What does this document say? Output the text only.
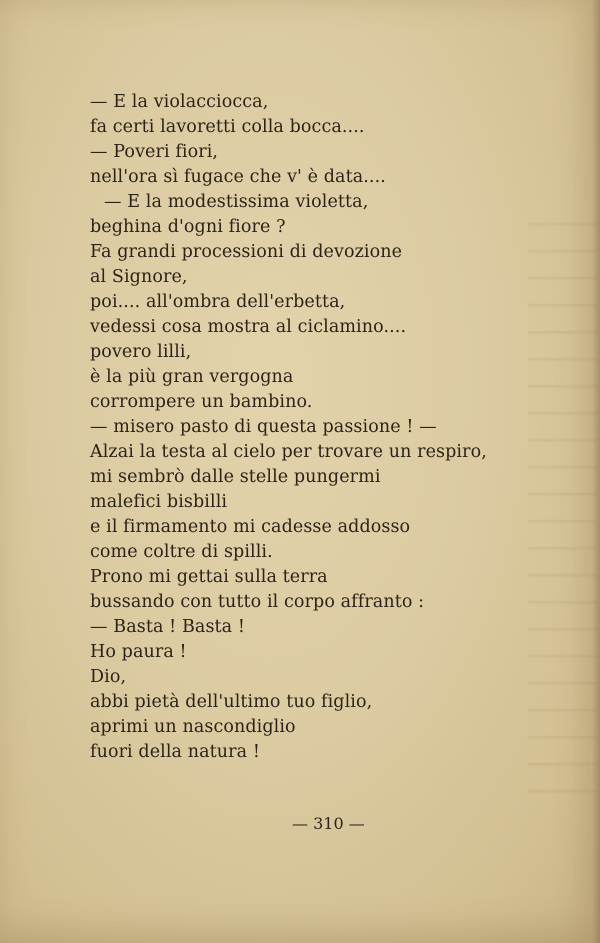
— E la violacciocca,
fa certi lavoretti colla bocca....
— Poveri fiori,
nell'ora sì fugace che v' è data....
— E la modestissima violetta,
beghina d'ogni fiore ?
Fa grandi processioni di devozione
al Signore,
poi.... all'ombra dell'erbetta,
vedessi cosa mostra al ciclamino....
povero lilli,
è la più gran vergogna
corrompere un bambino.
— misero pasto di questa passione ! —
Alzai la testa al cielo per trovare un respiro,
mi sembrò dalle stelle pungermi
malefici bisbilli
e il firmamento mi cadesse addosso
come coltre di spilli.
Prono mi gettai sulla terra
bussando con tutto il corpo affranto :
— Basta ! Basta !
Ho paura !
Dio,
abbi pietà dell'ultimo tuo figlio,
aprimi un nascondiglio
fuori della natura !
— 310 —
